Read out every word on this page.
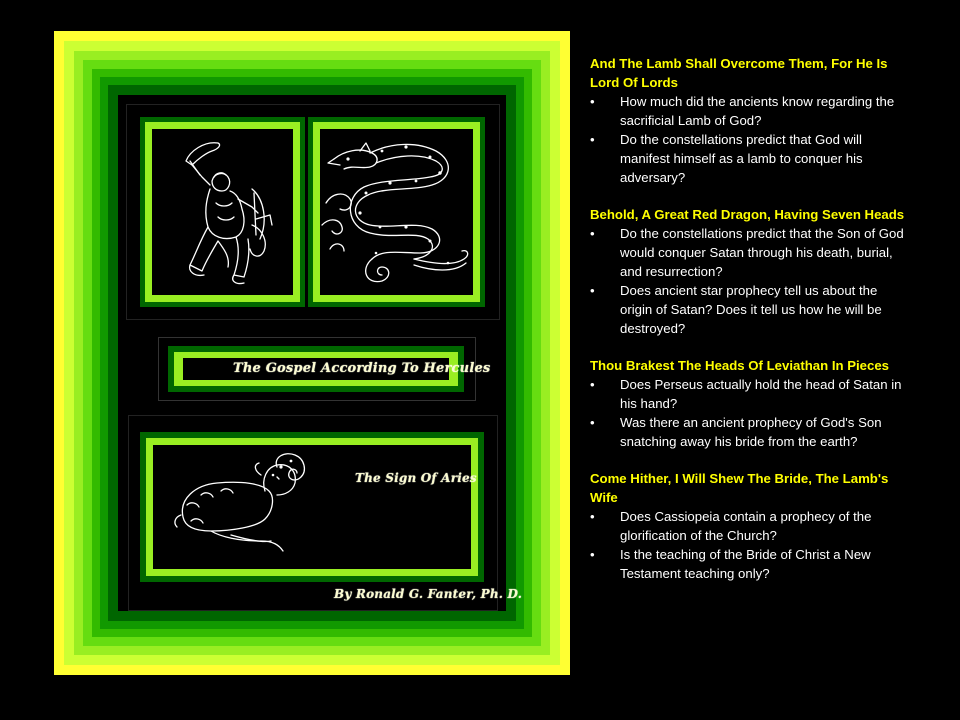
The Gospel According To Hercules
The Sign Of Aries
By Ronald G. Fanter, Ph. D.

And The Lamb Shall Overcome Them, For He Is Lord Of Lords

• How much did the ancients know regarding the sacrificial Lamb of God?
• Do the constellations predict that God will manifest himself as a lamb to conquer his adversary?

Behold, A Great Red Dragon, Having Seven Heads

• Do the constellations predict that the Son of God would conquer Satan through his death, burial, and resurrection?
• Does ancient star prophecy tell us about the origin of Satan? Does it tell us how he will be destroyed?

Thou Brakest The Heads Of Leviathan In Pieces

• Does Perseus actually hold the head of Satan in his hand?
• Was there an ancient prophecy of God's Son snatching away his bride from the earth?

Come Hither, I Will Shew The Bride, The Lamb's Wife

• Does Cassiopeia contain a prophecy of the glorification of the Church?
• Is the teaching of the Bride of Christ a New Testament teaching only?
